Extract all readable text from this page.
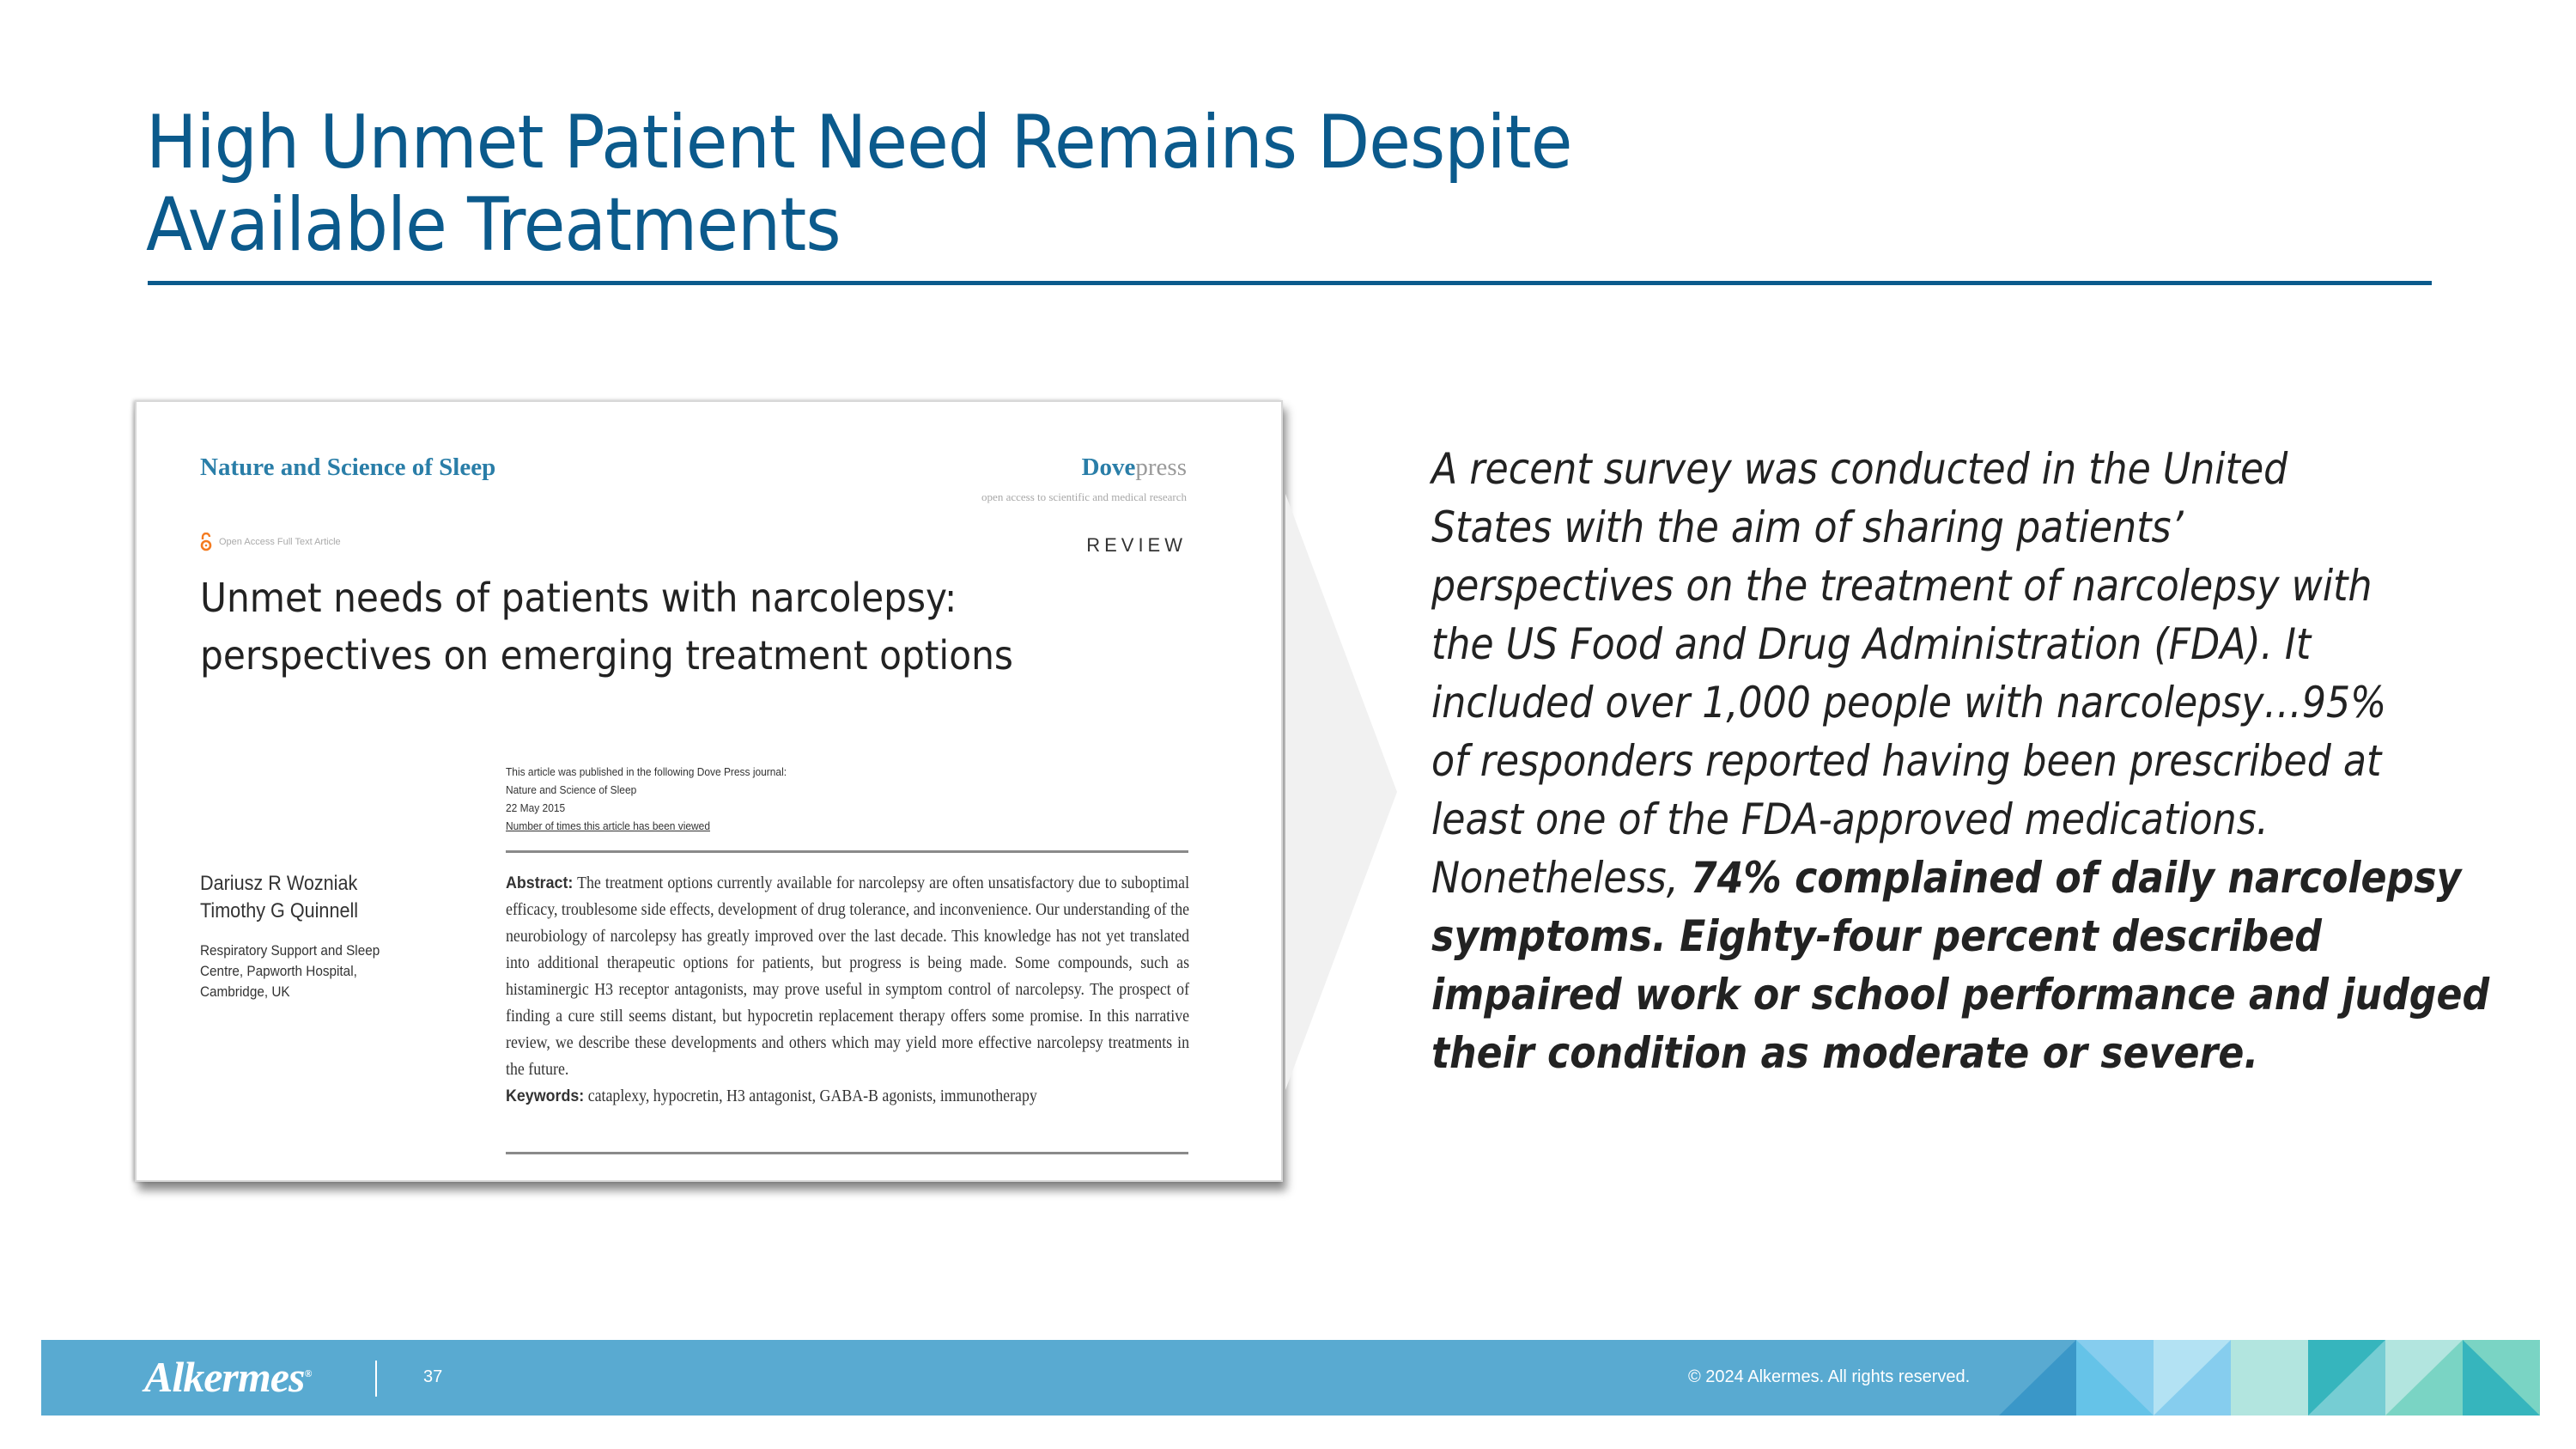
High Unmet Patient Need Remains Despite
Available Treatments
Nature and Science of Sleep	Dovepress
open access to scientific and medical research
Open Access Full Text Article	REVIEW
Unmet needs of patients with narcolepsy:
perspectives on emerging treatment options
This article was published in the following Dove Press journal:
Nature and Science of Sleep
22 May 2015
Number of times this article has been viewed
Dariusz R Wozniak
Timothy G Quinnell
Respiratory Support and Sleep
Centre, Papworth Hospital,
Cambridge, UK
Abstract: The treatment options currently available for narcolepsy are often unsatisfactory due to suboptimal efficacy, troublesome side effects, development of drug tolerance, and inconvenience. Our understanding of the neurobiology of narcolepsy has greatly improved over the last decade. This knowledge has not yet translated into additional therapeutic options for patients, but progress is being made. Some compounds, such as histaminergic H3 receptor antagonists, may prove useful in symptom control of narcolepsy. The prospect of finding a cure still seems distant, but hypocretin replacement therapy offers some promise. In this narrative review, we describe these developments and others which may yield more effective narcolepsy treatments in the future.
Keywords: cataplexy, hypocretin, H3 antagonist, GABA-B agonists, immunotherapy
A recent survey was conducted in the United
States with the aim of sharing patients’
perspectives on the treatment of narcolepsy with
the US Food and Drug Administration (FDA). It
included over 1,000 people with narcolepsy…95%
of responders reported having been prescribed at
least one of the FDA-approved medications.
Nonetheless, 74% complained of daily narcolepsy
symptoms. Eighty-four percent described
impaired work or school performance and judged
their condition as moderate or severe.
Alkermes®	37	© 2024 Alkermes. All rights reserved.
